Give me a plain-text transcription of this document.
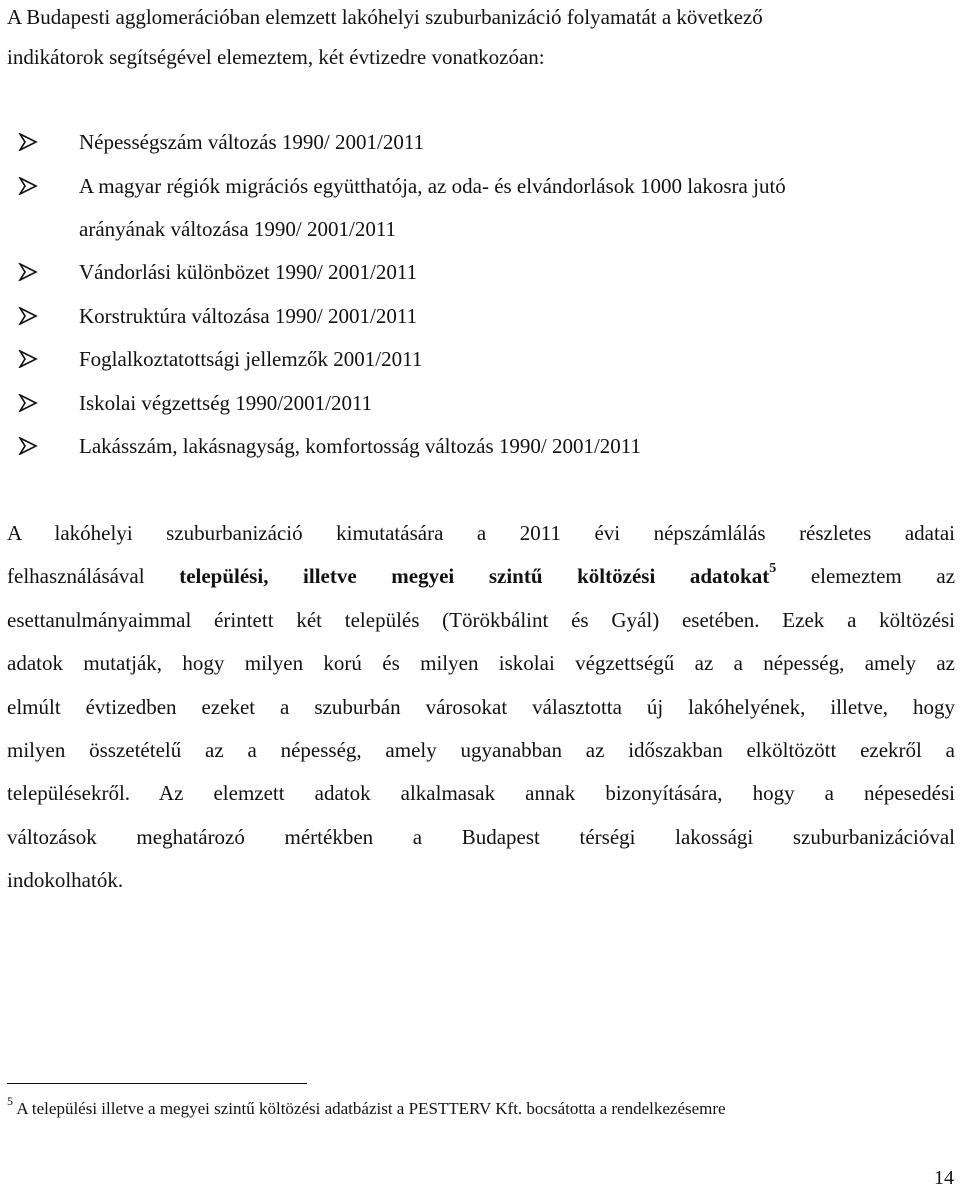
A Budapesti agglomerációban elemzett lakóhelyi szuburbanizáció folyamatát a következő
indikátorok segítségével elemeztem, két évtizedre vonatkozóan:
Népességszám változás 1990/ 2001/2011
A magyar régiók migrációs együtthatója, az oda- és elvándorlások 1000 lakosra jutó
arányának változása 1990/ 2001/2011
Vándorlási különbözet 1990/ 2001/2011
Korstruktúra változása 1990/ 2001/2011
Foglalkoztatottsági jellemzők 2001/2011
Iskolai végzettség 1990/2001/2011
Lakásszám, lakásnagyság, komfortosság változás 1990/ 2001/2011
A lakóhelyi szuburbanizáció kimutatására a 2011 évi népszámlálás részletes adatai
felhasználásával települési, illetve megyei szintű költözési adatokat$^5$ elemeztem az
esettanulmányaimmal érintett két település (Törökbálint és Gyál) esetében. Ezek a költözési
adatok mutatják, hogy milyen korú és milyen iskolai végzettségű az a népesség, amely az
elmúlt évtizedben ezeket a szuburbán városokat választotta új lakóhelyének, illetve, hogy
milyen összetételű az a népesség, amely ugyanabban az időszakban elköltözött ezekről a
településekről. Az elemzett adatok alkalmasak annak bizonyítására, hogy a népesedési
változások meghatározó mértékben a Budapest térségi lakossági szuburbanizációval
indokolhatók.
$^5$ A települési illetve a megyei szintű költözési adatbázist a PESTTERV Kft. bocsátotta a rendelkezésemre
14
